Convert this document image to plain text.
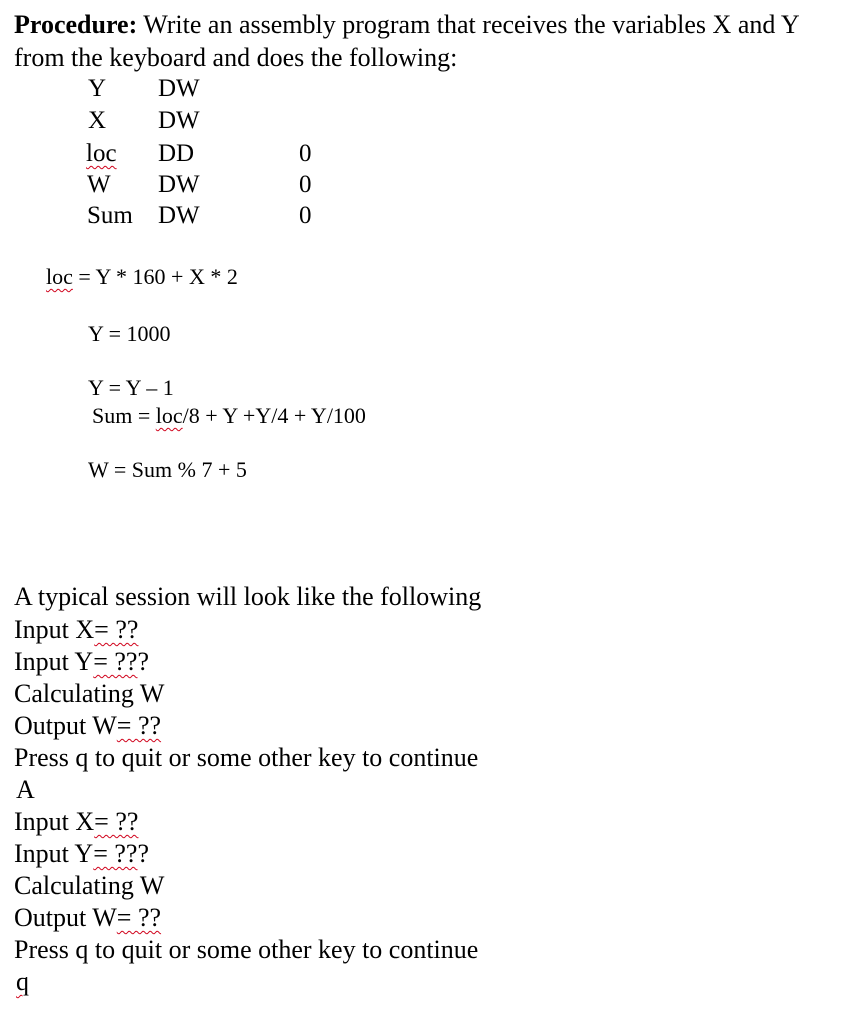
Procedure: Write an assembly program that receives the variables X and Y
from the keyboard and does the following:
Y DW
X DW
loc DD	0
W DW	0
Sum DW	0
loc = Y * 160 + X * 2
Y = 1000
Y = Y – 1
Sum = loc/8 + Y +Y/4 + Y/100
W = Sum % 7 + 5
A typical session will look like the following
Input X= ??
Input Y= ???
Calculating W
Output W= ??
Press q to quit or some other key to continue
A
Input X= ??
Input Y= ???
Calculating W
Output W= ??
Press q to quit or some other key to continue
q
